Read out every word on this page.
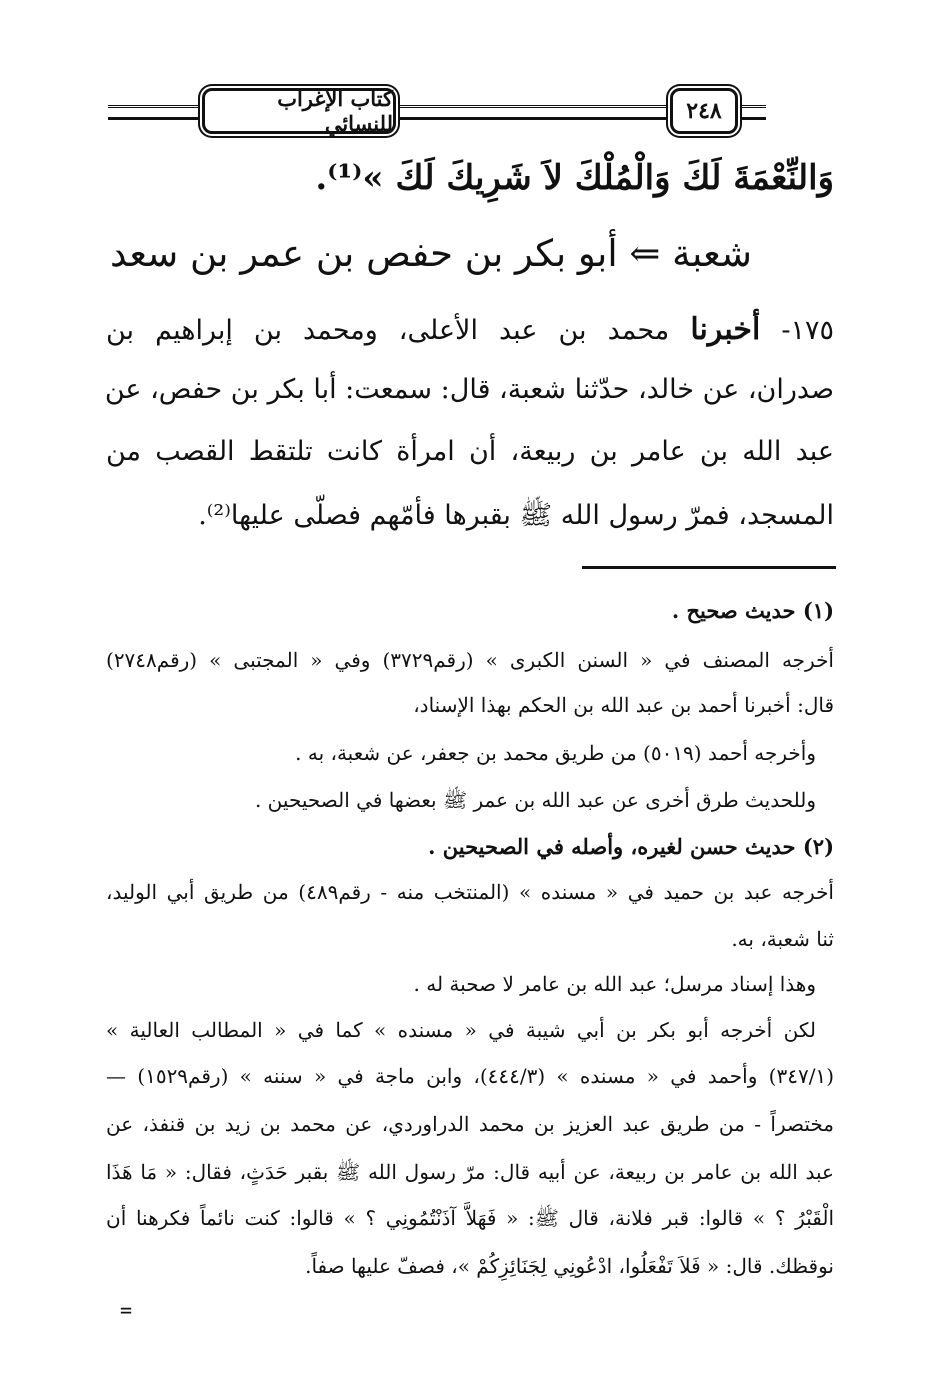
كتاب الإغراب للنسائي	٢٤٨
وَالنِّعْمَةَ لَكَ وَالْمُلْكَ لاَ شَرِيكَ لَكَ »⁽¹⁾.
شعبة ⇐ أبو بكر بن حفص بن عمر بن سعد
١٧٥- أخبرنا محمد بن عبد الأعلى، ومحمد بن إبراهيم بن
صدران، عن خالد، حدّثنا شعبة، قال: سمعت: أبا بكر بن حفص، عن
عبد الله بن عامر بن ربيعة، أن امرأة كانت تلتقط القصب من
المسجد، فمرّ رسول الله ﷺ بقبرها فأمّهم فصلّى عليها⁽²⁾.
(١) حديث صحيح .
أخرجه المصنف في « السنن الكبرى » (رقم٣٧٢٩) وفي « المجتبى » (رقم٢٧٤٨)
قال: أخبرنا أحمد بن عبد الله بن الحكم بهذا الإسناد،
وأخرجه أحمد (٥٠١٩) من طريق محمد بن جعفر، عن شعبة، به .
وللحديث طرق أخرى عن عبد الله بن عمر ﷺ بعضها في الصحيحين .
(٢) حديث حسن لغيره، وأصله في الصحيحين .
أخرجه عبد بن حميد في « مسنده » (المنتخب منه - رقم٤٨٩) من طريق أبي الوليد،
ثنا شعبة، به.
وهذا إسناد مرسل؛ عبد الله بن عامر لا صحبة له .
لكن أخرجه أبو بكر بن أبي شيبة في « مسنده » كما في « المطالب العالية »
(٣٤٧/١) وأحمد في « مسنده » (٤٤٤/٣)، وابن ماجة في « سننه » (رقم١٥٢٩) —
مختصراً - من طريق عبد العزيز بن محمد الدراوردي، عن محمد بن زيد بن قنفذ، عن
عبد الله بن عامر بن ربيعة، عن أبيه قال: مرّ رسول الله ﷺ بقبر حَدَثٍ، فقال: « مَا هَذَا
الْقَبْرُ ؟ » قالوا: قبر فلانة، قال ﷺ: « فَهَلاَّ آذَنْتُمُونِي ؟ » قالوا: كنت نائماً فكرهنا أن
نوقظك. قال: « فَلاَ تَفْعَلُوا، ادْعُونِي لِجَنَائِزِكُمْ »، فصفّ عليها صفاً.
=
